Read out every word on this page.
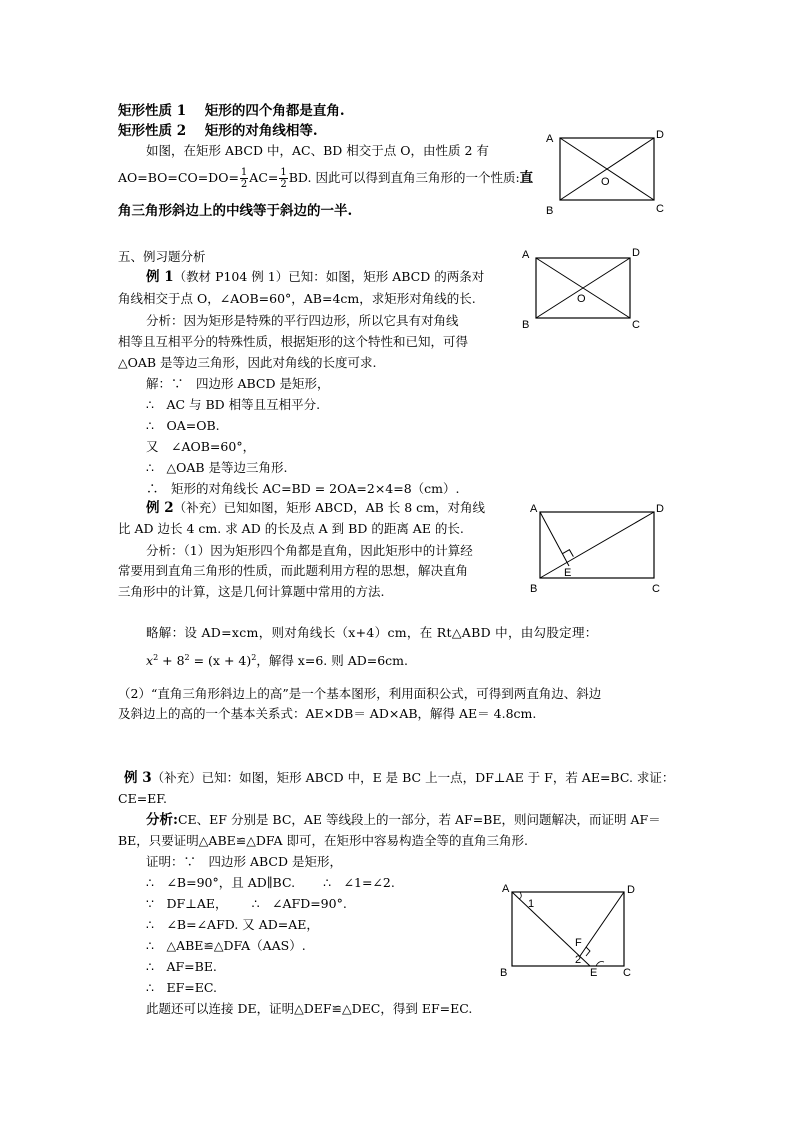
矩形性质 1 矩形的四个角都是直角.
矩形性质 2 矩形的对角线相等.
如图，在矩形 ABCD 中，AC、BD 相交于点 O，由性质 2 有
$AO=BO=CO=DO= \frac{1}{2} AC= \frac{1}{2}$ BD. 因此可以得到直角三角形的一个性质:直
角三角形斜边上的中线等于斜边的一半.
A	D
B	C
O
五、例习题分析
例 1（教材 P104 例 1）已知：如图，矩形 ABCD 的两条对
角线相交于点 O，∠AOB=60°，AB=4cm，求矩形对角线的长.
分析：因为矩形是特殊的平行四边形，所以它具有对角线
相等且互相平分的特殊性质，根据矩形的这个特性和已知，可得
△OAB 是等边三角形，因此对角线的长度可求.
解：∵　四边形 ABCD 是矩形，
∴　AC 与 BD 相等且互相平分.
∴　OA=OB.
又　∠AOB=60°，
∴　△OAB 是等边三角形.
∴　矩形的对角线长 AC=BD = 2OA=2×4=8（cm）.
A	D
B	C
O
例 2（补充）已知如图，矩形 ABCD，AB 长 8 cm，对角线
比 AD 边长 4 cm. 求 AD 的长及点 A 到 BD 的距离 AE 的长.
分析：（1）因为矩形四个角都是直角，因此矩形中的计算经
常要用到直角三角形的性质，而此题利用方程的思想，解决直角
三角形中的计算，这是几何计算题中常用的方法.
A	D
B	C
E
略解：设 AD=xcm，则对角线长（x+4）cm，在 Rt△ABD 中，由勾股定理：
$x^2 + 8^2 = (x + 4)^2$，解得 x=6. 则 AD=6cm.
（2）“直角三角形斜边上的高”是一个基本图形，利用面积公式，可得到两直角边、斜边
及斜边上的高的一个基本关系式：AE×DB＝ AD×AB，解得 AE＝ 4.8cm.
例 3（补充）已知：如图，矩形 ABCD 中，E 是 BC 上一点，DF⊥AE 于 F，若 AE=BC. 求证：
CE=EF.
分析:CE、EF 分别是 BC，AE 等线段上的一部分，若 AF=BE，则问题解决，而证明 AF＝
BE，只要证明△ABE≌△DFA 即可，在矩形中容易构造全等的直角三角形.
证明：∵　四边形 ABCD 是矩形，
∴　∠B=90°，且 AD∥BC. ∴　∠1=∠2.
∵　DF⊥AE， ∴　∠AFD=90°.
∴　∠B=∠AFD. 又 AD=AE，
∴　△ABE≌△DFA（AAS）.
∴　AF=BE.
∴　EF=EC.
此题还可以连接 DE，证明△DEF≌△DEC，得到 EF=EC.
A	D
B	C
E
F
1
2
